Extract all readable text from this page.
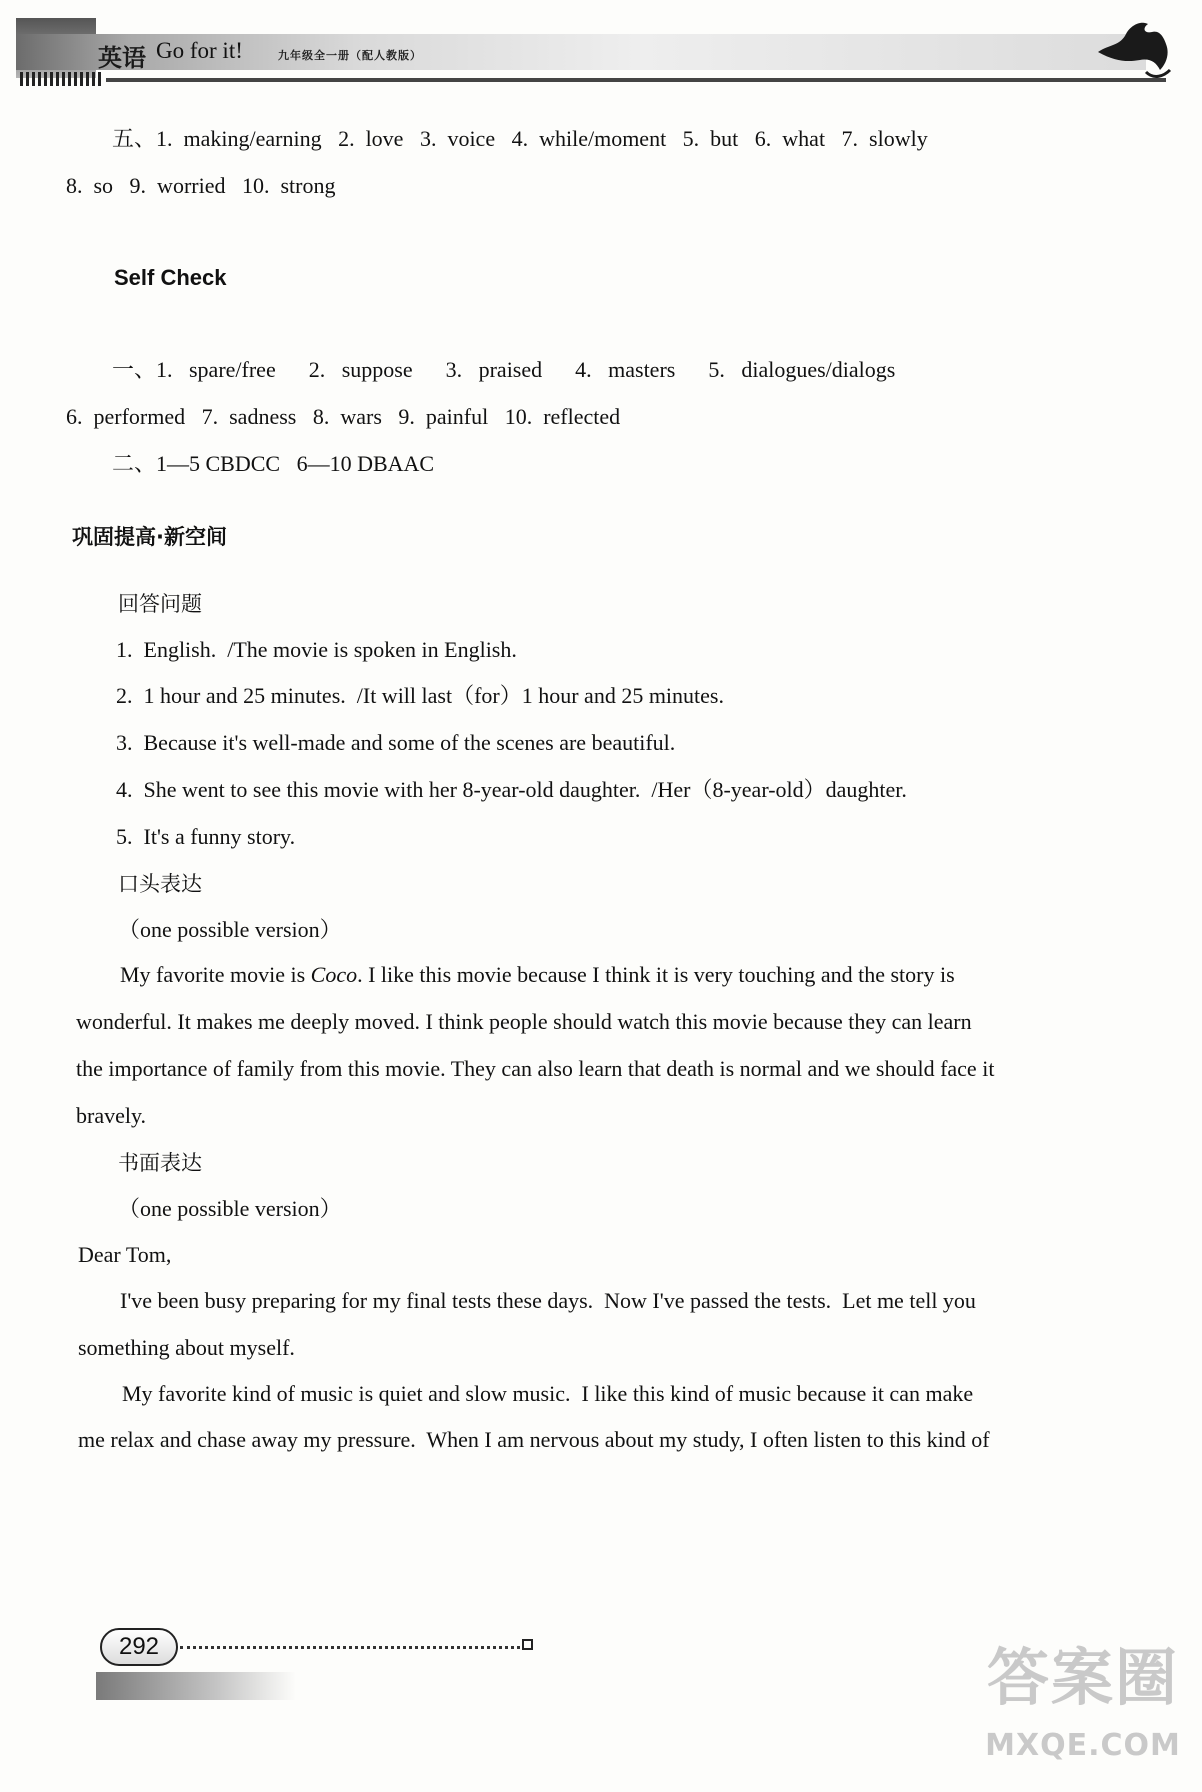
英语 Go for it!	九年级全一册（配人教版）
五、1.  making/earning   2.  love   3.  voice   4.  while/moment   5.  but   6.  what   7.  slowly
8.  so   9.  worried   10.  strong
Self Check
一、1.   spare/free      2.   suppose      3.   praised      4.   masters      5.   dialogues/dialogs
6.  performed   7.  sadness   8.  wars   9.  painful   10.  reflected
二、1—5 CBDCC   6—10 DBAAC
巩固提高·新空间
回答问题
1.  English.  /The movie is spoken in English.
2.  1 hour and 25 minutes.  /It will last（for）1 hour and 25 minutes.
3.  Because it's well-made and some of the scenes are beautiful.
4.  She went to see this movie with her 8-year-old daughter.  /Her（8-year-old）daughter.
5.  It's a funny story.
口头表达
（one possible version）
My favorite movie is Coco. I like this movie because I think it is very touching and the story is
wonderful. It makes me deeply moved. I think people should watch this movie because they can learn
the importance of family from this movie. They can also learn that death is normal and we should face it
bravely.
书面表达
（one possible version）
Dear Tom,
I've been busy preparing for my final tests these days.  Now I've passed the tests.  Let me tell you
something about myself.
My favorite kind of music is quiet and slow music.  I like this kind of music because it can make
me relax and chase away my pressure.  When I am nervous about my study, I often listen to this kind of
292	答案圈
MXQE.COM
